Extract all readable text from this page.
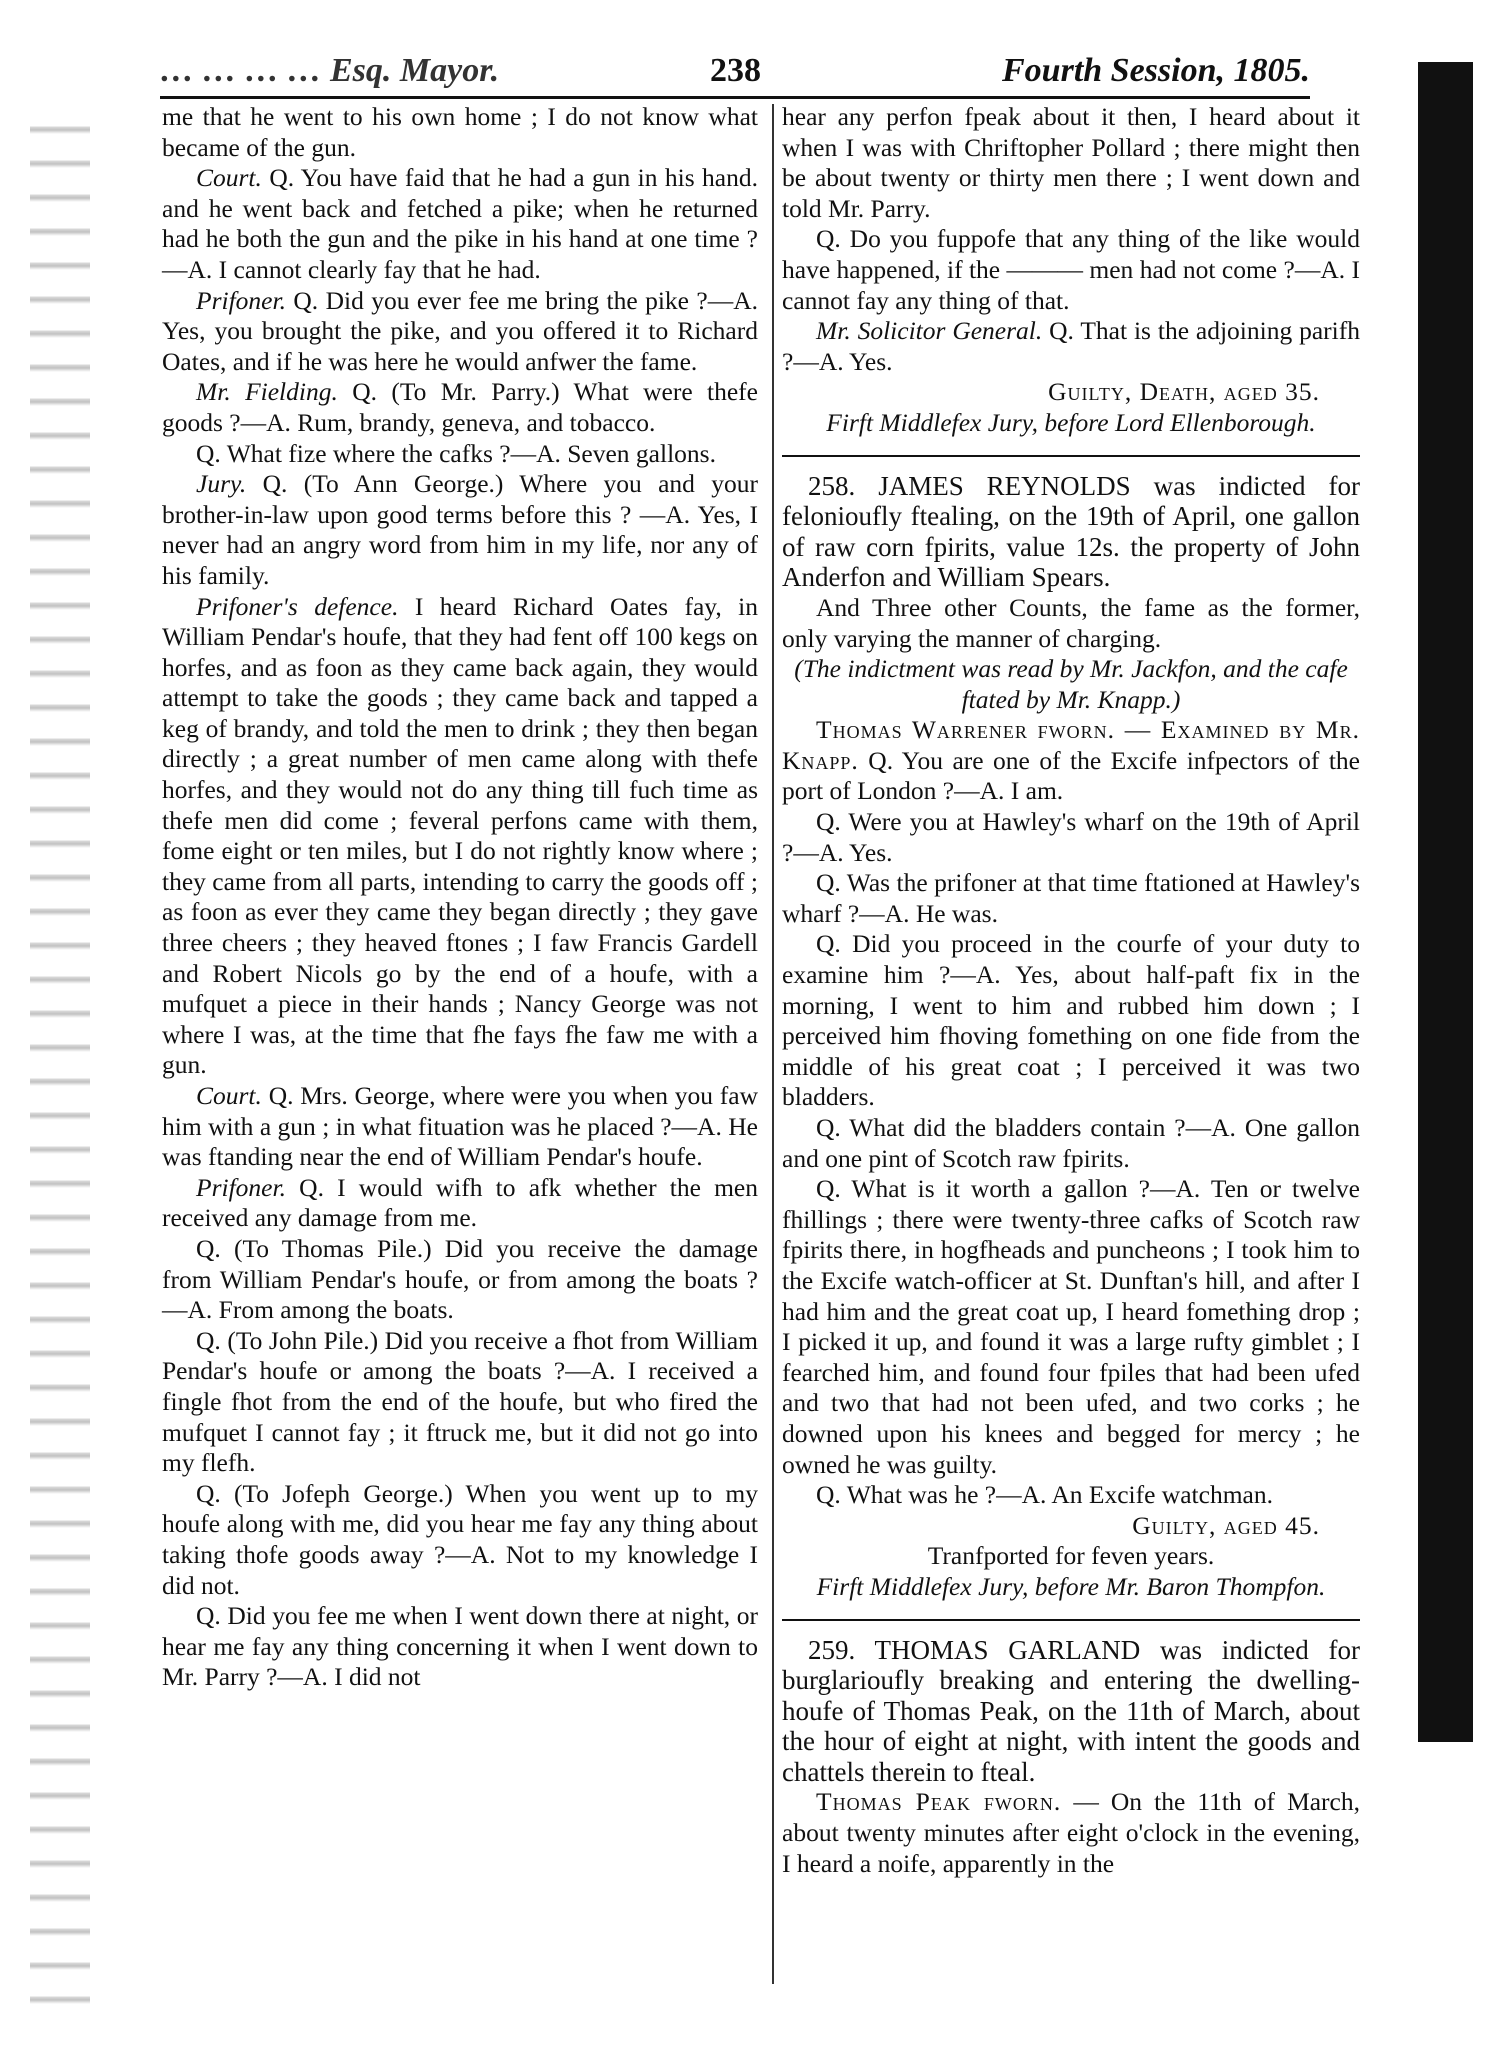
… … … … Esq. Mayor.	238	Fourth Session, 1805.

me that he went to his own home ; I do not know what became of the gun.

Court. Q. You have faid that he had a gun in his hand. and he went back and fetched a pike; when he returned had he both the gun and the pike in his hand at one time ?—A. I cannot clearly fay that he had.

Prifoner. Q. Did you ever fee me bring the pike ?—A. Yes, you brought the pike, and you offered it to Richard Oates, and if he was here he would anfwer the fame.

Mr. Fielding. Q. (To Mr. Parry.) What were thefe goods ?—A. Rum, brandy, geneva, and tobacco.

Q. What fize where the cafks ?—A. Seven gallons.

Jury. Q. (To Ann George.) Where you and your brother-in-law upon good terms before this ? —A. Yes, I never had an angry word from him in my life, nor any of his family.

Prifoner's defence. I heard Richard Oates fay, in William Pendar's houfe, that they had fent off 100 kegs on horfes, and as foon as they came back again, they would attempt to take the goods ; they came back and tapped a keg of brandy, and told the men to drink ; they then began directly ; a great number of men came along with thefe horfes, and they would not do any thing till fuch time as thefe men did come ; feveral perfons came with them, fome eight or ten miles, but I do not rightly know where ; they came from all parts, intending to carry the goods off ; as foon as ever they came they began directly ; they gave three cheers ; they heaved ftones ; I faw Francis Gardell and Robert Nicols go by the end of a houfe, with a mufquet a piece in their hands ; Nancy George was not where I was, at the time that fhe fays fhe faw me with a gun.

Court. Q. Mrs. George, where were you when you faw him with a gun ; in what fituation was he placed ?—A. He was ftanding near the end of William Pendar's houfe.

Prifoner. Q. I would wifh to afk whether the men received any damage from me.

Q. (To Thomas Pile.) Did you receive the damage from William Pendar's houfe, or from among the boats ?—A. From among the boats.

Q. (To John Pile.) Did you receive a fhot from William Pendar's houfe or among the boats ?—A. I received a fingle fhot from the end of the houfe, but who fired the mufquet I cannot fay ; it ftruck me, but it did not go into my flefh.

Q. (To Jofeph George.) When you went up to my houfe along with me, did you hear me fay any thing about taking thofe goods away ?—A. Not to my knowledge I did not.

Q. Did you fee me when I went down there at night, or hear me fay any thing concerning it when I went down to Mr. Parry ?—A. I did not

hear any perfon fpeak about it then, I heard about it when I was with Chriftopher Pollard ; there might then be about twenty or thirty men there ; I went down and told Mr. Parry.

Q. Do you fuppofe that any thing of the like would have happened, if the ——— men had not come ?—A. I cannot fay any thing of that.

Mr. Solicitor General. Q. That is the adjoining parifh ?—A. Yes.

Guilty, Death, aged 35.

Firft Middlefex Jury, before Lord Ellenborough.

258. JAMES REYNOLDS was indicted for felonioufly ftealing, on the 19th of April, one gallon of raw corn fpirits, value 12s. the property of John Anderfon and William Spears.

And Three other Counts, the fame as the former, only varying the manner of charging.

(The indictment was read by Mr. Jackfon, and the cafe ftated by Mr. Knapp.)

Thomas Warrener fworn. — Examined by Mr. Knapp. Q. You are one of the Excife infpectors of the port of London ?—A. I am.

Q. Were you at Hawley's wharf on the 19th of April ?—A. Yes.

Q. Was the prifoner at that time ftationed at Hawley's wharf ?—A. He was.

Q. Did you proceed in the courfe of your duty to examine him ?—A. Yes, about half-paft fix in the morning, I went to him and rubbed him down ; I perceived him fhoving fomething on one fide from the middle of his great coat ; I perceived it was two bladders.

Q. What did the bladders contain ?—A. One gallon and one pint of Scotch raw fpirits.

Q. What is it worth a gallon ?—A. Ten or twelve fhillings ; there were twenty-three cafks of Scotch raw fpirits there, in hogfheads and puncheons ; I took him to the Excife watch-officer at St. Dunftan's hill, and after I had him and the great coat up, I heard fomething drop ; I picked it up, and found it was a large rufty gimblet ; I fearched him, and found four fpiles that had been ufed and two that had not been ufed, and two corks ; he downed upon his knees and begged for mercy ; he owned he was guilty.

Q. What was he ?—A. An Excife watchman.

Guilty, aged 45.

Tranfported for feven years.

Firft Middlefex Jury, before Mr. Baron Thompfon.

259. THOMAS GARLAND was indicted for burglarioufly breaking and entering the dwelling-houfe of Thomas Peak, on the 11th of March, about the hour of eight at night, with intent the goods and chattels therein to fteal.

Thomas Peak fworn. — On the 11th of March, about twenty minutes after eight o'clock in the evening, I heard a noife, apparently in the
